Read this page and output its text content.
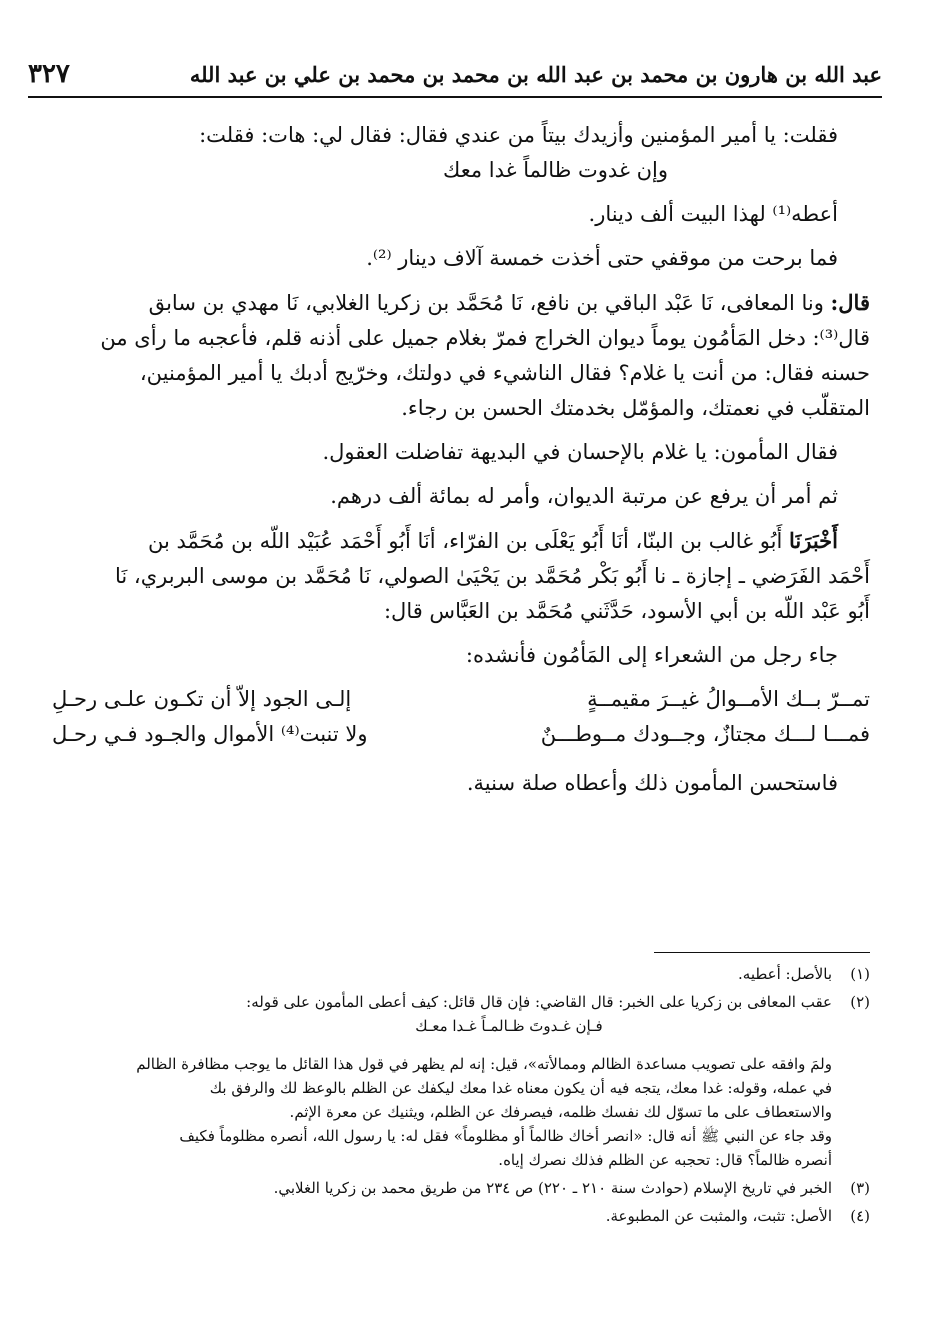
عبد الله بن هارون بن محمد بن عبد الله بن محمد بن محمد بن علي بن عبد الله
٣٢٧
فقلت: يا أمير المؤمنين وأزيدك بيتاً من عندي فقال: فقال لي: هات: فقلت:
وإن غدوت ظالماً غدا معك
أعطه⁽¹⁾ لهذا البيت ألف دينار.
فما برحت من موقفي حتى أخذت خمسة آلاف دينار ⁽²⁾.
قال: ونا المعافى، نَا عَبْد الباقي بن نافع، نَا مُحَمَّد بن زكريا الغلابي، نَا مهدي بن سابق
قال⁽³⁾: دخل المَأمُون يوماً ديوان الخراج فمرّ بغلام جميل على أذنه قلم، فأعجبه ما رأى من
حسنه فقال: من أنت يا غلام؟ فقال الناشيء في دولتك، وخرّيج أدبك يا أمير المؤمنين،
المتقلّب في نعمتك، والمؤمّل بخدمتك الحسن بن رجاء.
فقال المأمون: يا غلام بالإحسان في البديهة تفاضلت العقول.
ثم أمر أن يرفع عن مرتبة الديوان، وأمر له بمائة ألف درهم.
أَخْبَرَنَا أَبُو غالب بن البنّا، أنَا أَبُو يَعْلَى بن الفرّاء، أنَا أَبُو أَحْمَد عُبَيْد اللّه بن مُحَمَّد بن
أَحْمَد الفَرَضي ـ إجازة ـ نا أَبُو بَكْر مُحَمَّد بن يَحْيَىٰ الصولي، نَا مُحَمَّد بن موسى البربري، نَا
أَبُو عَبْد اللّه بن أبي الأسود، حَدَّثَني مُحَمَّد بن العَبَّاس قال:
جاء رجل من الشعراء إلى المَأمُون فأنشده:
تمــرّ بــك الأمــوالُ غيــرَ مقيمــةٍ
إلـى الجود إلاّ أن تكـون علـى رحـلِ
فمـــا لـــك مجتازٌ، وجــودك مــوطـــنٌ
ولا تنبت⁽⁴⁾ الأموال والجـود فـي رحـل
فاستحسن المأمون ذلك وأعطاه صلة سنية.
(١)
بالأصل: أعطيه.
(٢)
عقب المعافى بن زكريا على الخبر: قال القاضي: فإن قال قائل: كيف أعطى المأمون على قوله:
فـإن غـدوتَ ظـالمـاً غـدا معـك
ولمَ وافقه على تصويب مساعدة الظالم وممالأته»، قيل: إنه لم يظهر في قول هذا القائل ما يوجب مظافرة الظالم
في عمله، وقوله: غدا معك، يتجه فيه أن يكون معناه غدا معك ليكفك عن الظلم بالوعظ لك والرفق بك
والاستعطاف على ما تسوّل لك نفسك ظلمه، فيصرفك عن الظلم، ويثنيك عن معرة الإثم.
وقد جاء عن النبي ﷺ أنه قال: «انصر أخاك ظالماً أو مظلوماً» فقل له: يا رسول الله، أنصره مظلوماً فكيف
أنصره ظالماً؟ قال: تحجبه عن الظلم فذلك نصرك إياه.
(٣)
الخبر في تاريخ الإسلام (حوادث سنة ٢١٠ ـ ٢٢٠) ص ٢٣٤ من طريق محمد بن زكريا الغلابي.
(٤)
الأصل: تثبت، والمثبت عن المطبوعة.
